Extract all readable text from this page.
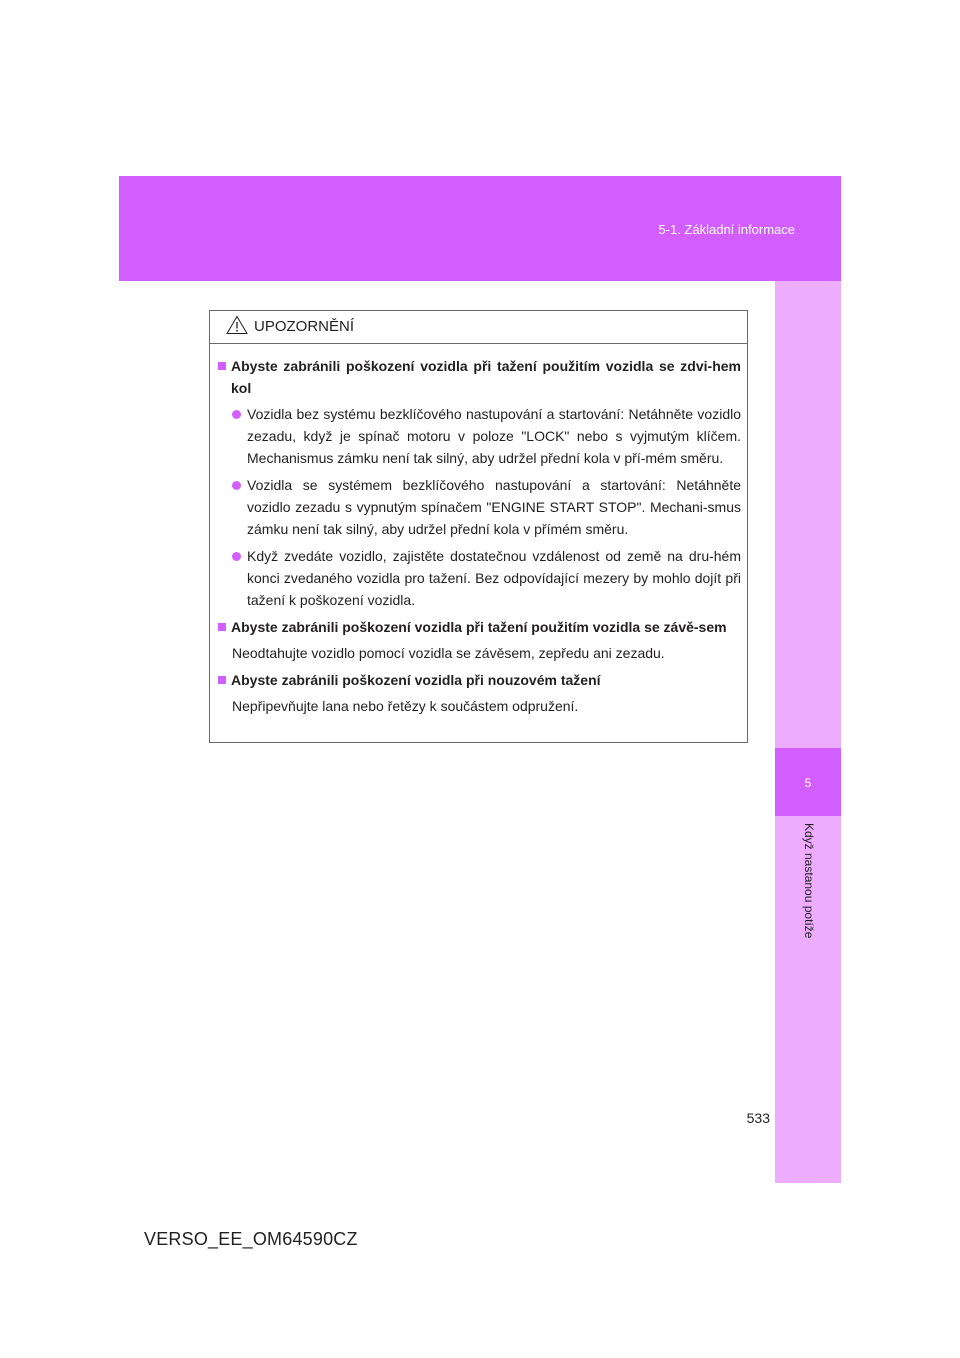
5-1. Základní informace
5
Když nastanou potíže
UPOZORNĚNÍ
Abyste zabránili poškození vozidla při tažení použitím vozidla se zdvi-hem kol
Vozidla bez systému bezklíčového nastupování a startování: Netáhněte vozidlo zezadu, když je spínač motoru v poloze "LOCK" nebo s vyjmutým klíčem. Mechanismus zámku není tak silný, aby udržel přední kola v pří-mém směru.
Vozidla se systémem bezklíčového nastupování a startování: Netáhněte vozidlo zezadu s vypnutým spínačem "ENGINE START STOP". Mechani-smus zámku není tak silný, aby udržel přední kola v přímém směru.
Když zvedáte vozidlo, zajistěte dostatečnou vzdálenost od země na dru-hém konci zvedaného vozidla pro tažení. Bez odpovídající mezery by mohlo dojít při tažení k poškození vozidla.
Abyste zabránili poškození vozidla při tažení použitím vozidla se závě-sem
Neodtahujte vozidlo pomocí vozidla se závěsem, zepředu ani zezadu.
Abyste zabránili poškození vozidla při nouzovém tažení
Nepřipevňujte lana nebo řetězy k součástem odpružení.
533
VERSO_EE_OM64590CZ
